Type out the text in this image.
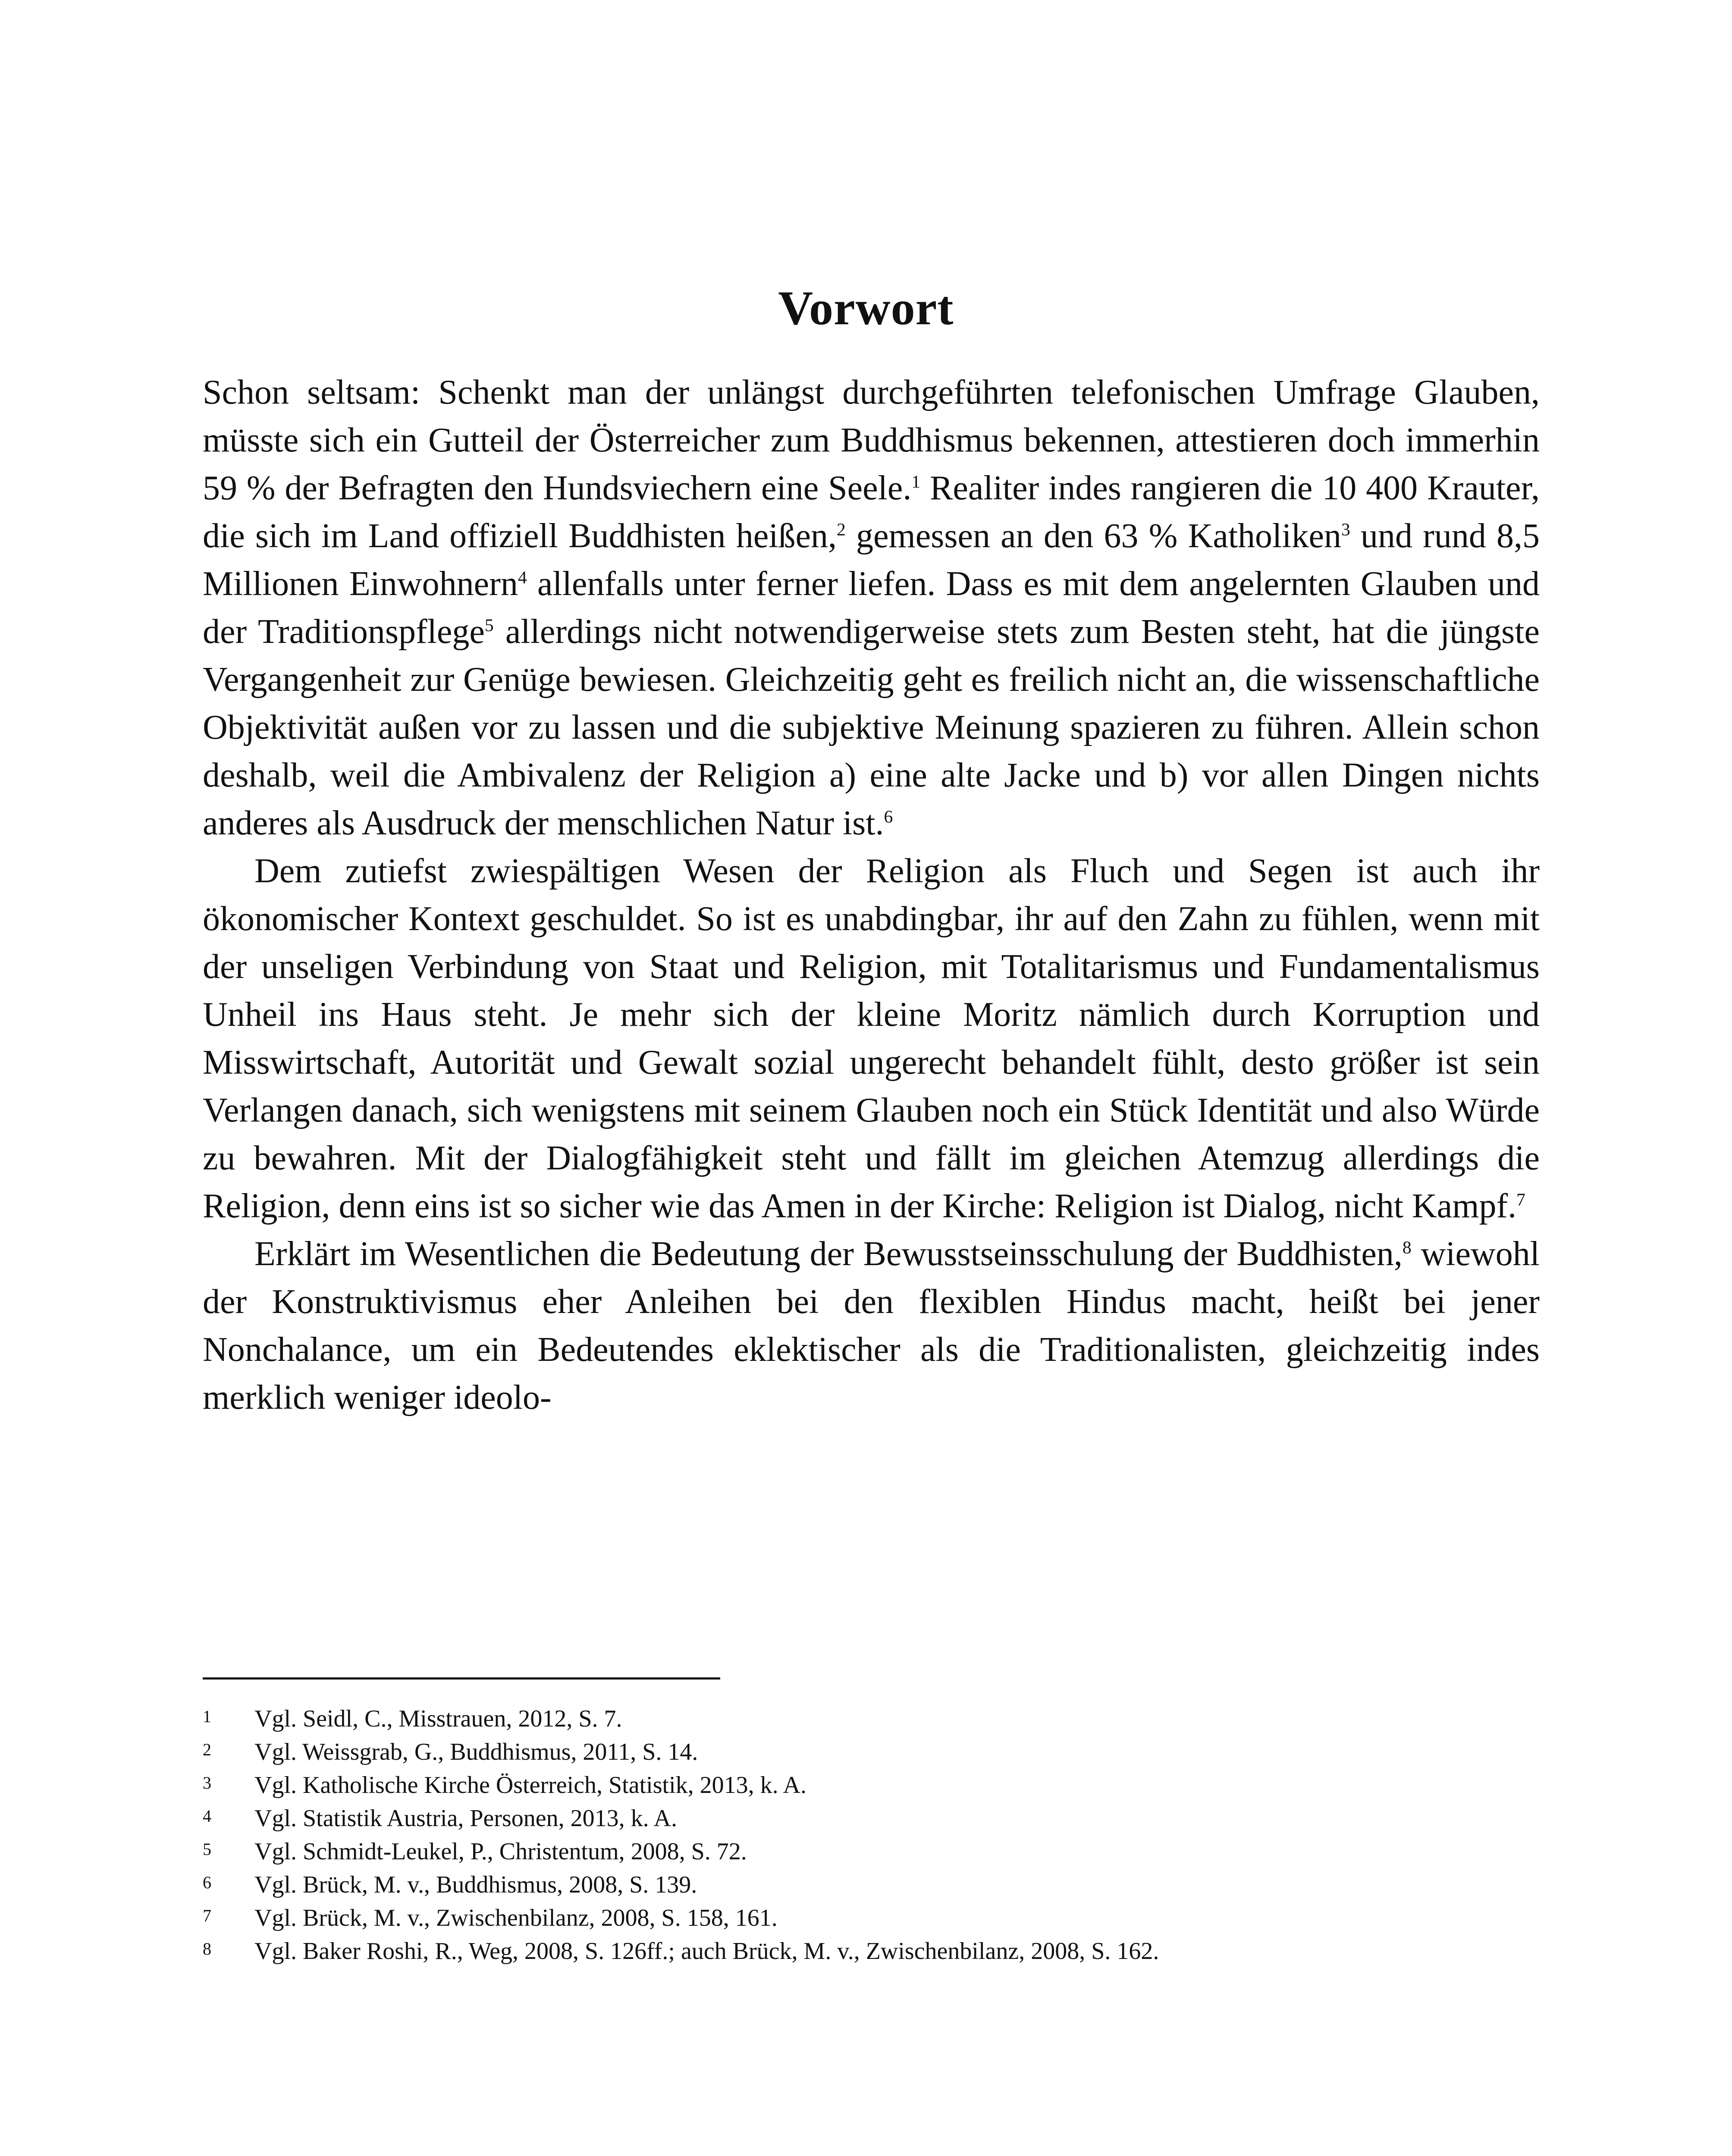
Vorwort

Schon seltsam: Schenkt man der unlängst durchgeführten telefonischen Umfrage Glauben, müsste sich ein Gutteil der Österreicher zum Buddhismus bekennen, attestieren doch immerhin 59 % der Befragten den Hundsviechern eine Seele.$^1$ Realiter indes rangieren die 10 400 Krauter, die sich im Land offiziell Buddhisten heißen,$^2$ gemessen an den 63 % Katholiken$^3$ und rund 8,5 Millionen Einwohnern$^4$ allenfalls unter ferner liefen. Dass es mit dem angelernten Glauben und der Traditionspflege$^5$ allerdings nicht notwendigerweise stets zum Besten steht, hat die jüngste Vergangenheit zur Genüge bewiesen. Gleichzeitig geht es freilich nicht an, die wissenschaftliche Objektivität außen vor zu lassen und die subjektive Meinung spazieren zu führen. Allein schon deshalb, weil die Ambivalenz der Religion a) eine alte Jacke und b) vor allen Dingen nichts anderes als Ausdruck der menschlichen Natur ist.$^6$

Dem zutiefst zwiespältigen Wesen der Religion als Fluch und Segen ist auch ihr ökonomischer Kontext geschuldet. So ist es unabdingbar, ihr auf den Zahn zu fühlen, wenn mit der unseligen Verbindung von Staat und Religion, mit Totalitarismus und Fundamentalismus Unheil ins Haus steht. Je mehr sich der kleine Moritz nämlich durch Korruption und Misswirtschaft, Autorität und Gewalt sozial ungerecht behandelt fühlt, desto größer ist sein Verlangen danach, sich wenigstens mit seinem Glauben noch ein Stück Identität und also Würde zu bewahren. Mit der Dialogfähigkeit steht und fällt im gleichen Atemzug allerdings die Religion, denn eins ist so sicher wie das Amen in der Kirche: Religion ist Dialog, nicht Kampf.$^7$

Erklärt im Wesentlichen die Bedeutung der Bewusstseinsschulung der Buddhisten,$^8$ wiewohl der Konstruktivismus eher Anleihen bei den flexiblen Hindus macht, heißt bei jener Nonchalance, um ein Bedeutendes eklektischer als die Traditionalisten, gleichzeitig indes merklich weniger ideolo-

1	Vgl. Seidl, C., Misstrauen, 2012, S. 7.
2	Vgl. Weissgrab, G., Buddhismus, 2011, S. 14.
3	Vgl. Katholische Kirche Österreich, Statistik, 2013, k. A.
4	Vgl. Statistik Austria, Personen, 2013, k. A.
5	Vgl. Schmidt-Leukel, P., Christentum, 2008, S. 72.
6	Vgl. Brück, M. v., Buddhismus, 2008, S. 139.
7	Vgl. Brück, M. v., Zwischenbilanz, 2008, S. 158, 161.
8	Vgl. Baker Roshi, R., Weg, 2008, S. 126ff.; auch Brück, M. v., Zwischenbilanz, 2008, S. 162.
